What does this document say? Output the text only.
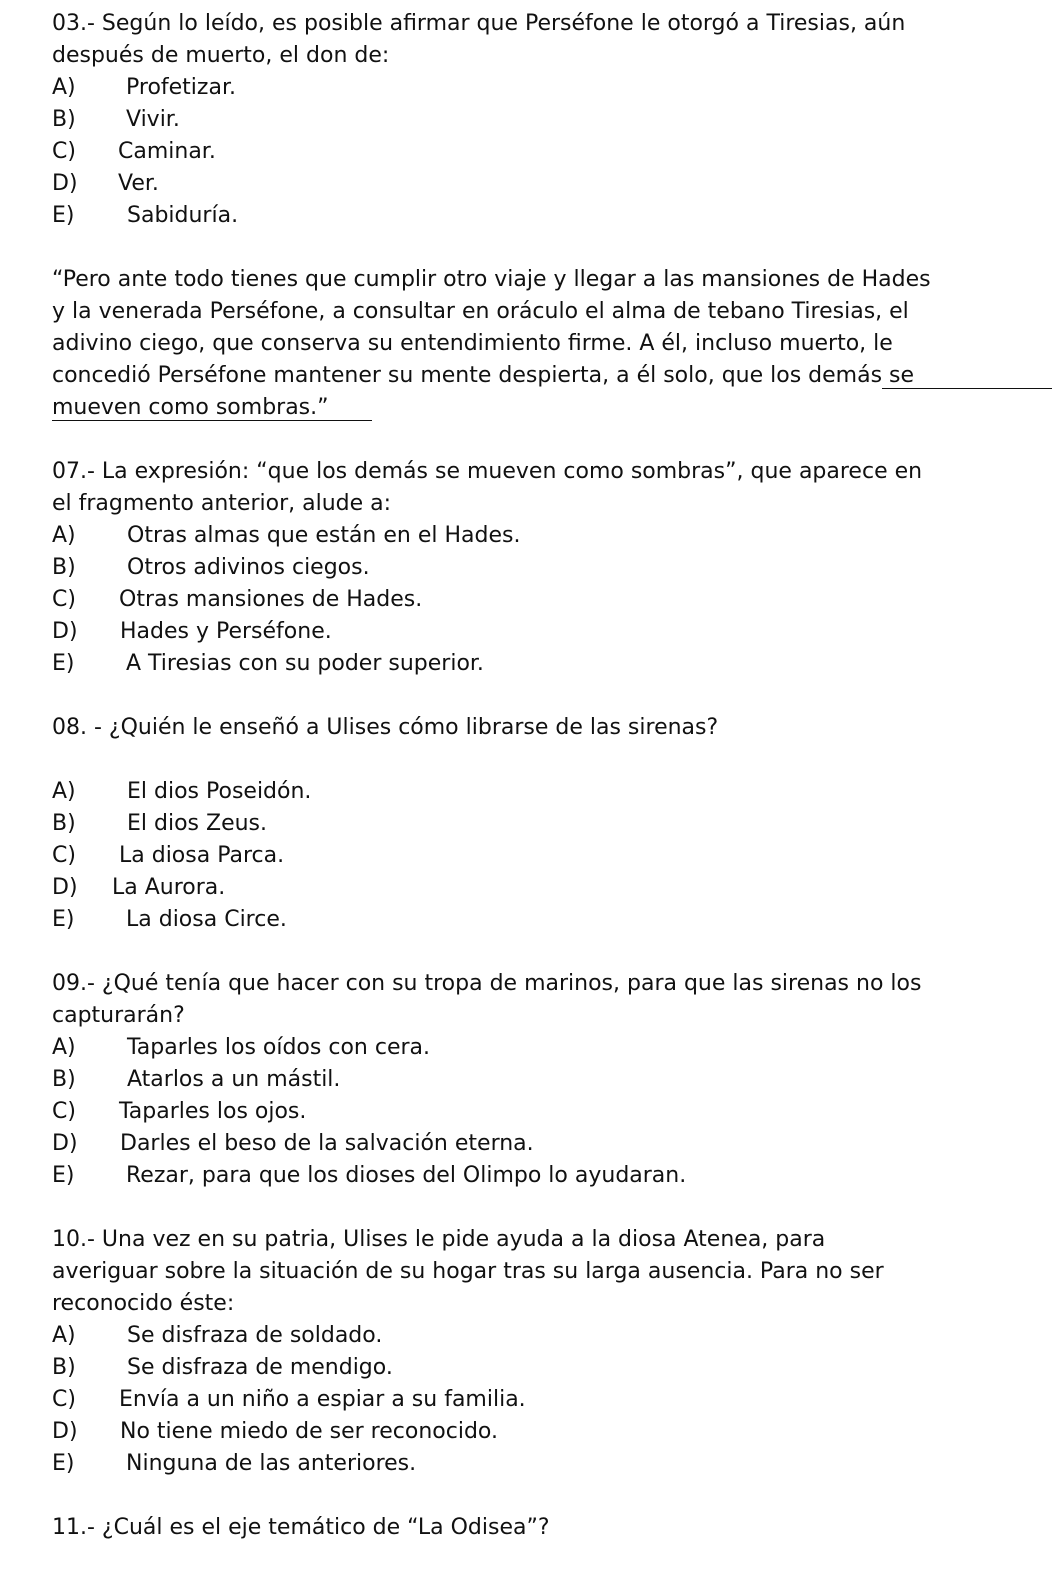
03.- Según lo leído, es posible afirmar que Perséfone le otorgó a Tiresias, aún

después de muerto, el don de:

A)	Profetizar.
B)	Vivir.
C)	Caminar.
D)	Ver.
E)	Sabiduría.

“Pero ante todo tienes que cumplir otro viaje y llegar a las mansiones de Hades

y la venerada Perséfone, a consultar en oráculo el alma de tebano Tiresias, el

adivino ciego, que conserva su entendimiento firme. A él, incluso muerto, le

concedió Perséfone mantener su mente despierta, a él solo, que los demás se

mueven como sombras.”

07.- La expresión: “que los demás se mueven como sombras”, que aparece en

el fragmento anterior, alude a:

A)	Otras almas que están en el Hades.
B)	Otros adivinos ciegos.
C)	Otras mansiones de Hades.
D)	Hades y Perséfone.
E)	A Tiresias con su poder superior.

08. - ¿Quién le enseñó a Ulises cómo librarse de las sirenas?

A)	El dios Poseidón.
B)	El dios Zeus.
C)	La diosa Parca.
D)	La Aurora.
E)	La diosa Circe.

09.- ¿Qué tenía que hacer con su tropa de marinos, para que las sirenas no los

capturarán?

A)	Taparles los oídos con cera.
B)	Atarlos a un mástil.
C)	Taparles los ojos.
D)	Darles el beso de la salvación eterna.
E)	Rezar, para que los dioses del Olimpo lo ayudaran.

10.- Una vez en su patria, Ulises le pide ayuda a la diosa Atenea, para

averiguar sobre la situación de su hogar tras su larga ausencia. Para no ser

reconocido éste:

A)	Se disfraza de soldado.
B)	Se disfraza de mendigo.
C)	Envía a un niño a espiar a su familia.
D)	No tiene miedo de ser reconocido.
E)	Ninguna de las anteriores.

11.- ¿Cuál es el eje temático de “La Odisea”?
